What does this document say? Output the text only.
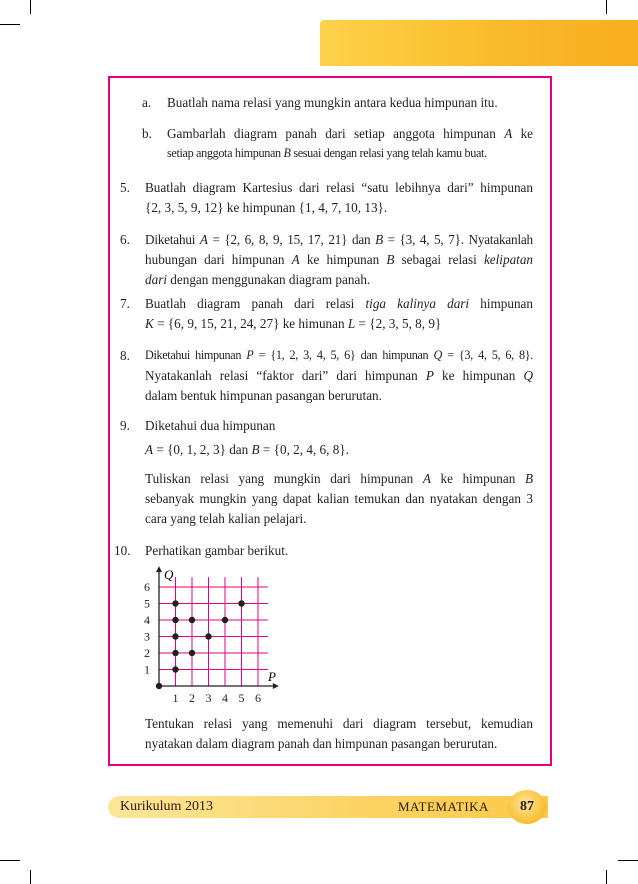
a. Buatlah nama relasi yang mungkin antara kedua himpunan itu.
b. Gambarlah diagram panah dari setiap anggota himpunan A ke
setiap anggota himpunan B sesuai dengan relasi yang telah kamu buat.
5. Buatlah diagram Kartesius dari relasi “satu lebihnya dari” himpunan
{2, 3, 5, 9, 12} ke himpunan {1, 4, 7, 10, 13}.
6. Diketahui A = {2, 6, 8, 9, 15, 17, 21} dan B = {3, 4, 5, 7}. Nyatakanlah
hubungan dari himpunan A ke himpunan B sebagai relasi kelipatan
dari dengan menggunakan diagram panah.
7. Buatlah diagram panah dari relasi tiga kalinya dari himpunan
K = {6, 9, 15, 21, 24, 27} ke himunan L = {2, 3, 5, 8, 9}
8. Diketahui himpunan P = {1, 2, 3, 4, 5, 6} dan himpunan Q = {3, 4, 5, 6, 8}.
Nyatakanlah relasi “faktor dari” dari himpunan P ke himpunan Q
dalam bentuk himpunan pasangan berurutan.
9. Diketahui dua himpunan
A = {0, 1, 2, 3} dan B = {0, 2, 4, 6, 8}.
Tuliskan relasi yang mungkin dari himpunan A ke himpunan B
sebanyak mungkin yang dapat kalian temukan dan nyatakan dengan 3
cara yang telah kalian pelajari.
10. Perhatikan gambar berikut.
1 2 3 4 5 6
1
2
3
4
5
6
P
Q
Tentukan relasi yang memenuhi dari diagram tersebut, kemudian
nyatakan dalam diagram panah dan himpunan pasangan berurutan.
Kurikulum 2013	MATEMATIKA	87
